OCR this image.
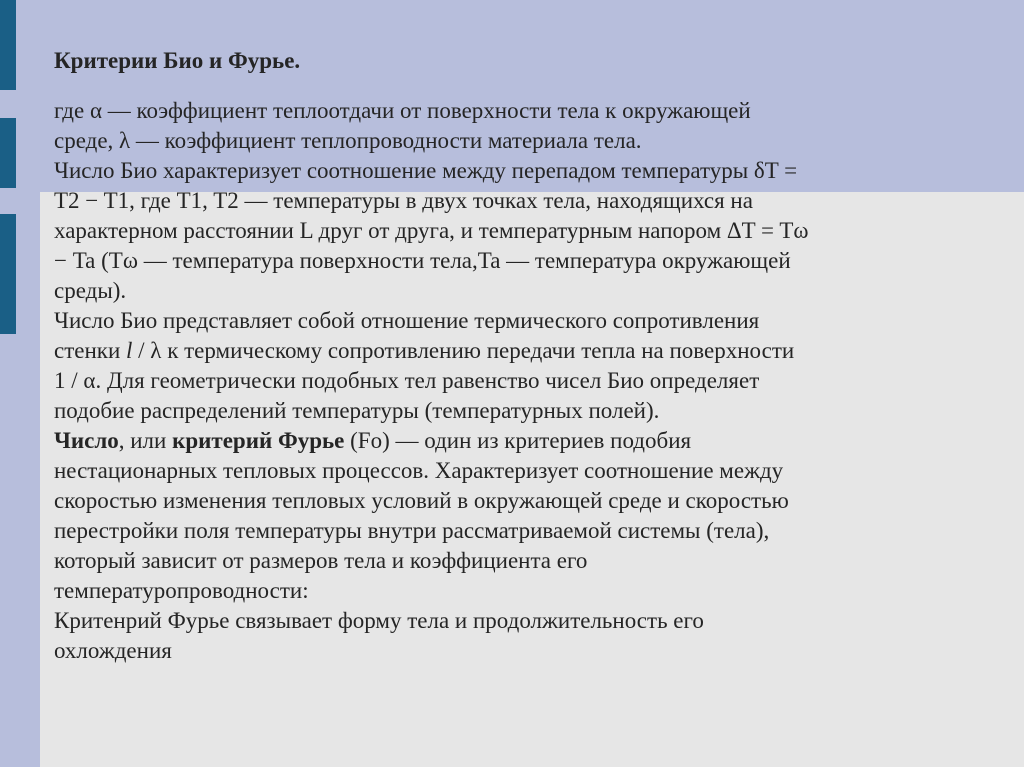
Критерии Био и Фурье.

где α — коэффициент теплоотдачи от поверхности тела к окружающей
среде, λ — коэффициент теплопроводности материала тела.

Число Био характеризует соотношение между перепадом температуры δT =
T2 − T1, где T1, T2 — температуры в двух точках тела, находящихся на
характерном расстоянии L друг от друга, и температурным напором ΔT = Tω
− Ta (Tω — температура поверхности тела,Ta — температура окружающей
среды).

Число Био представляет собой отношение термического сопротивления
стенки l / λ к термическому сопротивлению передачи тепла на поверхности
1 / α. Для геометрически подобных тел равенство чисел Био определяет
подобие распределений температуры (температурных полей).

Число, или критерий Фурье (Fo) — один из критериев подобия
нестационарных тепловых процессов. Характеризует соотношение между
скоростью изменения тепловых условий в окружающей среде и скоростью
перестройки поля температуры внутри рассматриваемой системы (тела),
который зависит от размеров тела и коэффициента его
температуропроводности:

Критенрий Фурье связывает форму тела и продолжительность его
охлождения
